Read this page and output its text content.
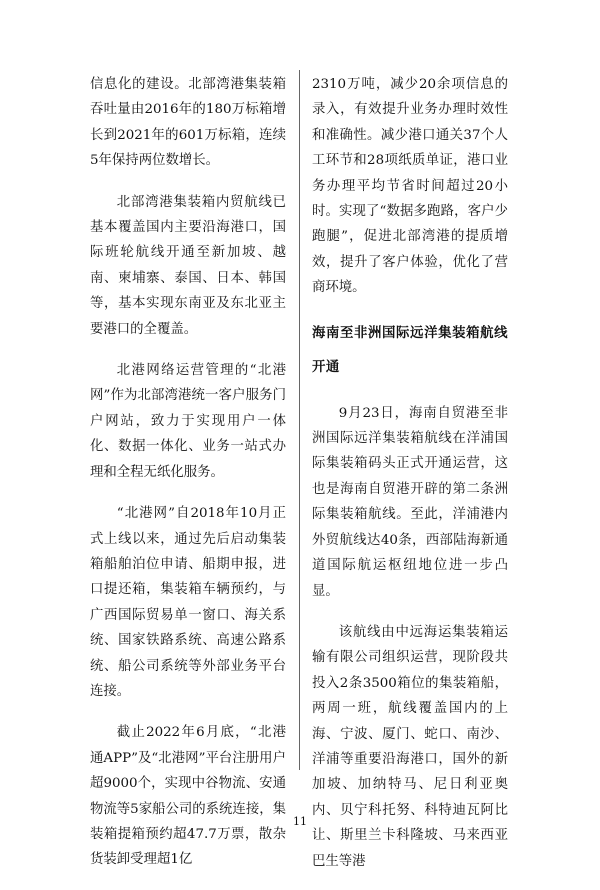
信息化的建设。北部湾港集装箱吞吐量由2016年的180万标箱增长到2021年的601万标箱，连续5年保持两位数增长。

北部湾港集装箱内贸航线已基本覆盖国内主要沿海港口，国际班轮航线开通至新加坡、越南、柬埔寨、泰国、日本、韩国等，基本实现东南亚及东北亚主要港口的全覆盖。

北港网络运营管理的“北港网”作为北部湾港统一客户服务门户网站，致力于实现用户一体化、数据一体化、业务一站式办理和全程无纸化服务。

“北港网”自2018年10月正式上线以来，通过先后启动集装箱船舶泊位申请、船期申报，进口提还箱，集装箱车辆预约，与广西国际贸易单一窗口、海关系统、国家铁路系统、高速公路系统、船公司系统等外部业务平台连接。

截止2022年6月底，“北港通APP”及“北港网”平台注册用户超9000个，实现中谷物流、安通物流等5家船公司的系统连接，集装箱提箱预约超47.7万票，散杂货装卸受理超1亿

2310万吨，减少20余项信息的录入，有效提升业务办理时效性和准确性。减少港口通关37个人工环节和28项纸质单证，港口业务办理平均节省时间超过20小时。实现了“数据多跑路，客户少跑腿”，促进北部湾港的提质增效，提升了客户体验，优化了营商环境。

海南至非洲国际远洋集装箱航线开通

9月23日，海南自贸港至非洲国际远洋集装箱航线在洋浦国际集装箱码头正式开通运营，这也是海南自贸港开辟的第二条洲际集装箱航线。至此，洋浦港内外贸航线达40条，西部陆海新通道国际航运枢纽地位进一步凸显。

该航线由中远海运集装箱运输有限公司组织运营，现阶段共投入2条3500箱位的集装箱船，两周一班，航线覆盖国内的上海、宁波、厦门、蛇口、南沙、洋浦等重要沿海港口，国外的新加坡、加纳特马、尼日利亚奥内、贝宁科托努、科特迪瓦阿比让、斯里兰卡科隆坡、马来西亚巴生等港

11
